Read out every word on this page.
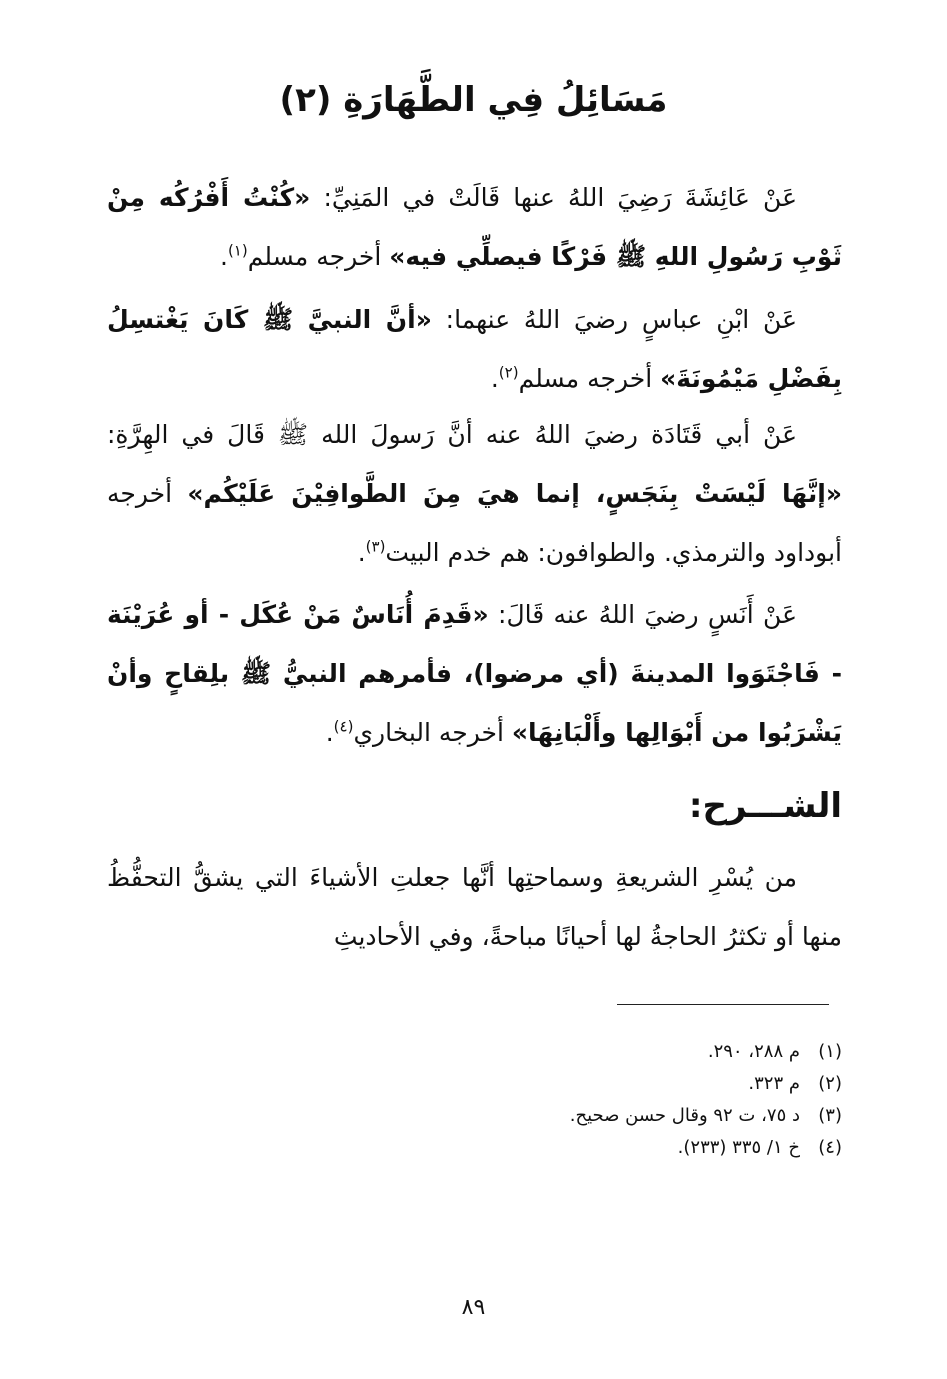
مَسَائِلُ فِي الطَّهَارَةِ (٢)

عَنْ عَائِشَةَ رَضِيَ اللهُ عنها قَالَتْ في المَنِيِّ: «كُنْتُ أَفْرُكُه مِنْ ثَوْبِ رَسُولِ اللهِ ﷺ فَرْكًا فيصلِّي فيه» أخرجه مسلم$^{(١)}$.

عَنْ ابْنِ عباسٍ رضيَ اللهُ عنهما: «أنَّ النبيَّ ﷺ كَانَ يَغْتسِلُ بِفَضْلِ مَيْمُونَةَ» أخرجه مسلم$^{(٢)}$.

عَنْ أبي قَتَادَة رضيَ اللهُ عنه أنَّ رَسولَ الله ﷺ قَالَ في الهِرَّةِ: «إنَّهَا لَيْسَتْ بِنَجَسٍ، إنما هيَ مِنَ الطَّوافِيْنَ عَلَيْكُم» أخرجه أبوداود والترمذي. والطوافون: هم خدم البيت$^{(٣)}$.

عَنْ أَنَسٍ رضيَ اللهُ عنه قَالَ: «قَدِمَ أُنَاسٌ مَنْ عُكَل - أو عُرَيْنَة - فَاجْتَوَوا المدينةَ (أي مرضوا)، فأمرهم النبيُّ ﷺ بلِقاحٍ وأنْ يَشْرَبُوا من أَبْوَالِها وأَلْبَانِهَا» أخرجه البخاري$^{(٤)}$.

الشـــرح:

من يُسْرِ الشريعةِ وسماحتِها أنَّها جعلتِ الأشياءَ التي يشقُّ التحفُّظُ منها أو تكثرُ الحاجةُ لها أحيانًا مباحةً، وفي الأحاديثِ

(١)م ٢٨٨، ٢٩٠.
(٢)م ٣٢٣.
(٣)د ٧٥، ت ٩٢ وقال حسن صحيح.
(٤)خ ١/ ٣٣٥ (٢٣٣).
٨٩
